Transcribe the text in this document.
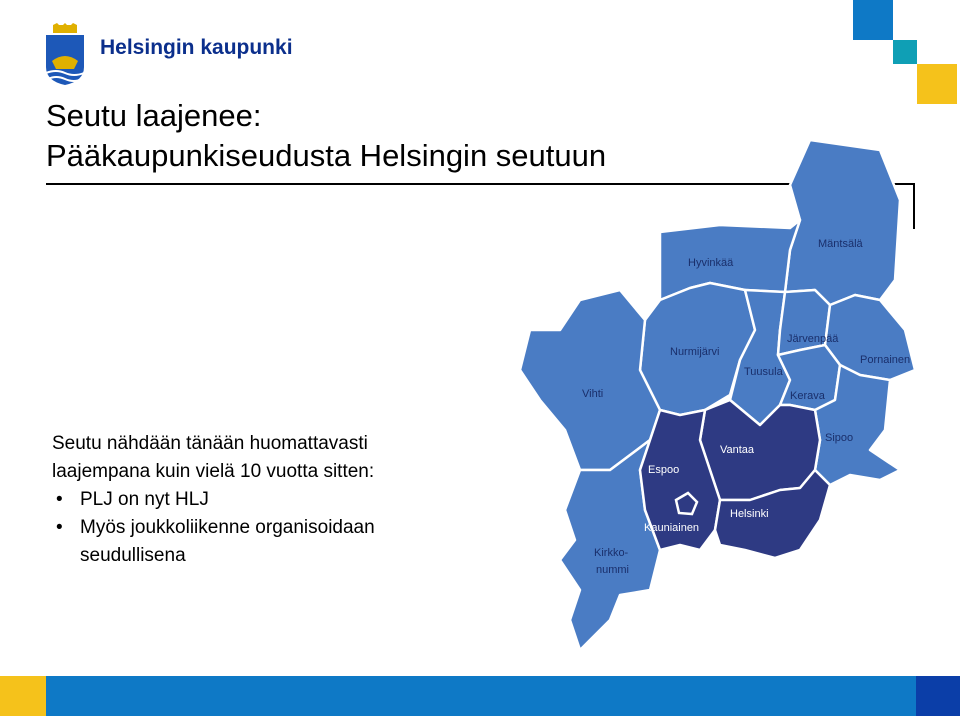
Helsingin kaupunki
Seutu laajenee:
Pääkaupunkiseudusta Helsingin seutuun

Seutu nähdään tänään huomattavasti

laajempana kuin vielä 10 vuotta sitten:

• PLJ on nyt HLJ
• Myös joukkoliikenne organisoidaan seudullisena
Hyvinkää
Mäntsälä
Nurmijärvi
Järvenpää
Tuusula
Pornainen
Vihti	Kerava
Sipoo
Vantaa
Espoo
Helsinki
Kauniainen
Kirkko-
nummi
